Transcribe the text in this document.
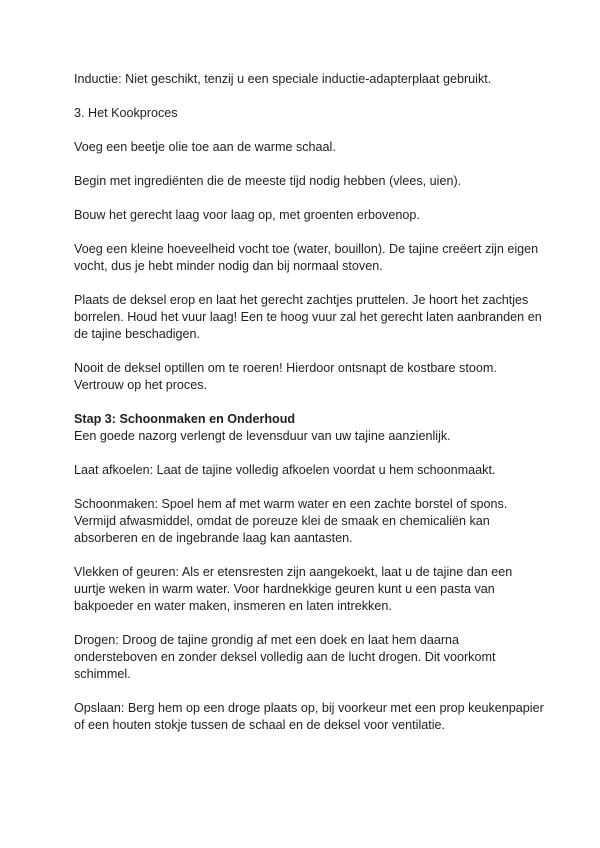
Inductie: Niet geschikt, tenzij u een speciale inductie-adapterplaat gebruikt.

3. Het Kookproces

Voeg een beetje olie toe aan de warme schaal.

Begin met ingrediënten die de meeste tijd nodig hebben (vlees, uien).

Bouw het gerecht laag voor laag op, met groenten erbovenop.

Voeg een kleine hoeveelheid vocht toe (water, bouillon). De tajine creëert zijn eigen vocht, dus je hebt minder nodig dan bij normaal stoven.

Plaats de deksel erop en laat het gerecht zachtjes pruttelen. Je hoort het zachtjes borrelen. Houd het vuur laag! Een te hoog vuur zal het gerecht laten aanbranden en de tajine beschadigen.

Nooit de deksel optillen om te roeren! Hierdoor ontsnapt de kostbare stoom. Vertrouw op het proces.

Stap 3: Schoonmaken en Onderhoud

Een goede nazorg verlengt de levensduur van uw tajine aanzienlijk.

Laat afkoelen: Laat de tajine volledig afkoelen voordat u hem schoonmaakt.

Schoonmaken: Spoel hem af met warm water en een zachte borstel of spons. Vermijd afwasmiddel, omdat de poreuze klei de smaak en chemicaliën kan absorberen en de ingebrande laag kan aantasten.

Vlekken of geuren: Als er etensresten zijn aangekoekt, laat u de tajine dan een uurtje weken in warm water. Voor hardnekkige geuren kunt u een pasta van bakpoeder en water maken, insmeren en laten intrekken.

Drogen: Droog de tajine grondig af met een doek en laat hem daarna ondersteboven en zonder deksel volledig aan de lucht drogen. Dit voorkomt schimmel.

Opslaan: Berg hem op een droge plaats op, bij voorkeur met een prop keukenpapier of een houten stokje tussen de schaal en de deksel voor ventilatie.
